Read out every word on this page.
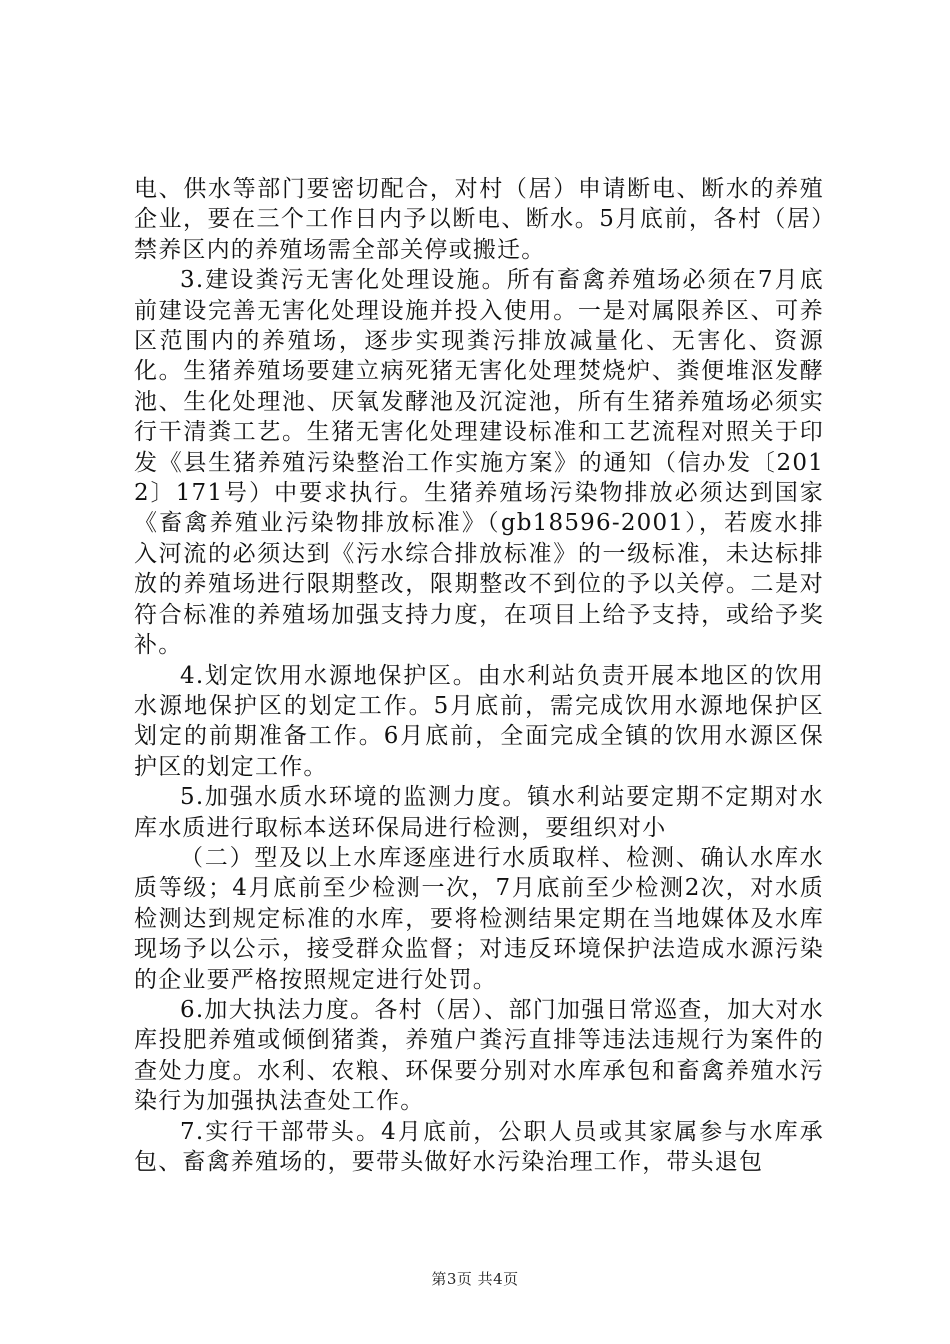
电、供水等部门要密切配合，对村（居）申请断电、断水的养殖企业，要在三个工作日内予以断电、断水。5月底前，各村（居）禁养区内的养殖场需全部关停或搬迁。

3.建设粪污无害化处理设施。所有畜禽养殖场必须在7月底前建设完善无害化处理设施并投入使用。一是对属限养区、可养区范围内的养殖场，逐步实现粪污排放减量化、无害化、资源化。生猪养殖场要建立病死猪无害化处理焚烧炉、粪便堆沤发酵池、生化处理池、厌氧发酵池及沉淀池，所有生猪养殖场必须实行干清粪工艺。生猪无害化处理建设标准和工艺流程对照关于印发《县生猪养殖污染整治工作实施方案》的通知（信办发〔2012〕171号）中要求执行。生猪养殖场污染物排放必须达到国家《畜禽养殖业污染物排放标准》（gb18596-2001），若废水排入河流的必须达到《污水综合排放标准》的一级标准，未达标排放的养殖场进行限期整改，限期整改不到位的予以关停。二是对符合标准的养殖场加强支持力度，在项目上给予支持，或给予奖补。

4.划定饮用水源地保护区。由水利站负责开展本地区的饮用水源地保护区的划定工作。5月底前，需完成饮用水源地保护区划定的前期准备工作。6月底前，全面完成全镇的饮用水源区保护区的划定工作。

5.加强水质水环境的监测力度。镇水利站要定期不定期对水库水质进行取标本送环保局进行检测，要组织对小

（二）型及以上水库逐座进行水质取样、检测、确认水库水质等级；4月底前至少检测一次，7月底前至少检测2次，对水质检测达到规定标准的水库，要将检测结果定期在当地媒体及水库现场予以公示，接受群众监督；对违反环境保护法造成水源污染的企业要严格按照规定进行处罚。

6.加大执法力度。各村（居）、部门加强日常巡查，加大对水库投肥养殖或倾倒猪粪，养殖户粪污直排等违法违规行为案件的查处力度。水利、农粮、环保要分别对水库承包和畜禽养殖水污染行为加强执法查处工作。

7.实行干部带头。4月底前，公职人员或其家属参与水库承包、畜禽养殖场的，要带头做好水污染治理工作，带头退包

第3页 共4页
